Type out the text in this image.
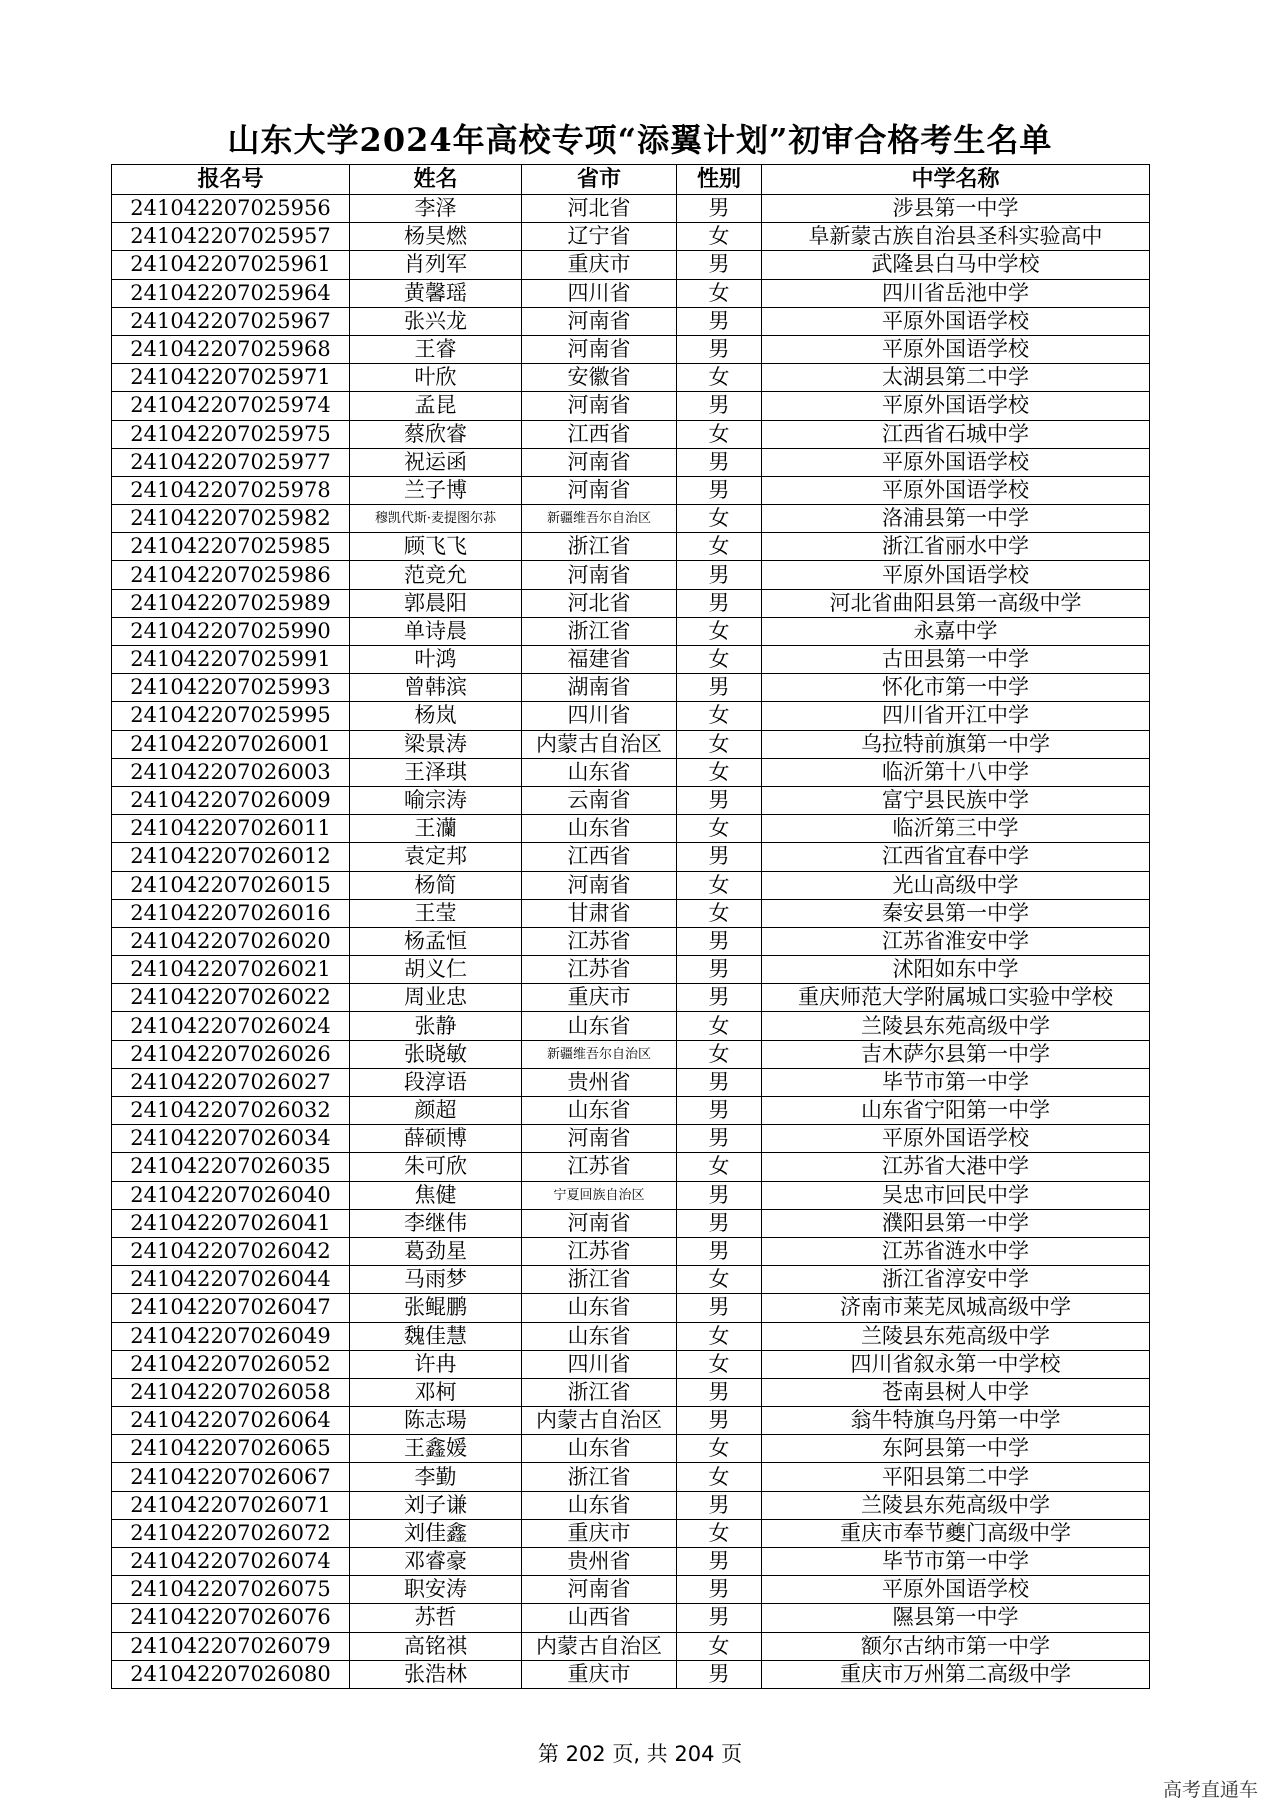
山东大学2024年高校专项“添翼计划”初审合格考生名单
报名号	姓名	省市	性别	中学名称
241042207025956	李泽	河北省	男	涉县第一中学
241042207025957	杨昊燃	辽宁省	女	阜新蒙古族自治县圣科实验高中
241042207025961	肖列军	重庆市	男	武隆县白马中学校
241042207025964	黄馨瑶	四川省	女	四川省岳池中学
241042207025967	张兴龙	河南省	男	平原外国语学校
241042207025968	王睿	河南省	男	平原外国语学校
241042207025971	叶欣	安徽省	女	太湖县第二中学
241042207025974	孟昆	河南省	男	平原外国语学校
241042207025975	蔡欣睿	江西省	女	江西省石城中学
241042207025977	祝运函	河南省	男	平原外国语学校
241042207025978	兰子博	河南省	男	平原外国语学校
241042207025982	穆凯代斯·麦提图尔荪	新疆维吾尔自治区	女	洛浦县第一中学
241042207025985	顾飞飞	浙江省	女	浙江省丽水中学
241042207025986	范竞允	河南省	男	平原外国语学校
241042207025989	郭晨阳	河北省	男	河北省曲阳县第一高级中学
241042207025990	单诗晨	浙江省	女	永嘉中学
241042207025991	叶鸿	福建省	女	古田县第一中学
241042207025993	曾韩滨	湖南省	男	怀化市第一中学
241042207025995	杨岚	四川省	女	四川省开江中学
241042207026001	梁景涛	内蒙古自治区	女	乌拉特前旗第一中学
241042207026003	王泽琪	山东省	女	临沂第十八中学
241042207026009	喻宗涛	云南省	男	富宁县民族中学
241042207026011	王灡	山东省	女	临沂第三中学
241042207026012	袁定邦	江西省	男	江西省宜春中学
241042207026015	杨简	河南省	女	光山高级中学
241042207026016	王莹	甘肃省	女	秦安县第一中学
241042207026020	杨孟恒	江苏省	男	江苏省淮安中学
241042207026021	胡义仁	江苏省	男	沭阳如东中学
241042207026022	周业忠	重庆市	男	重庆师范大学附属城口实验中学校
241042207026024	张静	山东省	女	兰陵县东苑高级中学
241042207026026	张晓敏	新疆维吾尔自治区	女	吉木萨尔县第一中学
241042207026027	段淳语	贵州省	男	毕节市第一中学
241042207026032	颜超	山东省	男	山东省宁阳第一中学
241042207026034	薛硕博	河南省	男	平原外国语学校
241042207026035	朱可欣	江苏省	女	江苏省大港中学
241042207026040	焦健	宁夏回族自治区	男	吴忠市回民中学
241042207026041	李继伟	河南省	男	濮阳县第一中学
241042207026042	葛劲星	江苏省	男	江苏省涟水中学
241042207026044	马雨梦	浙江省	女	浙江省淳安中学
241042207026047	张鲲鹏	山东省	男	济南市莱芜凤城高级中学
241042207026049	魏佳慧	山东省	女	兰陵县东苑高级中学
241042207026052	许冉	四川省	女	四川省叙永第一中学校
241042207026058	邓柯	浙江省	男	苍南县树人中学
241042207026064	陈志瑒	内蒙古自治区	男	翁牛特旗乌丹第一中学
241042207026065	王鑫媛	山东省	女	东阿县第一中学
241042207026067	李勤	浙江省	女	平阳县第二中学
241042207026071	刘子谦	山东省	男	兰陵县东苑高级中学
241042207026072	刘佳鑫	重庆市	女	重庆市奉节夔门高级中学
241042207026074	邓睿豪	贵州省	男	毕节市第一中学
241042207026075	职安涛	河南省	男	平原外国语学校
241042207026076	苏哲	山西省	男	隰县第一中学
241042207026079	高铭祺	内蒙古自治区	女	额尔古纳市第一中学
241042207026080	张浩林	重庆市	男	重庆市万州第二高级中学
第 202 页, 共 204 页
高考直通车
